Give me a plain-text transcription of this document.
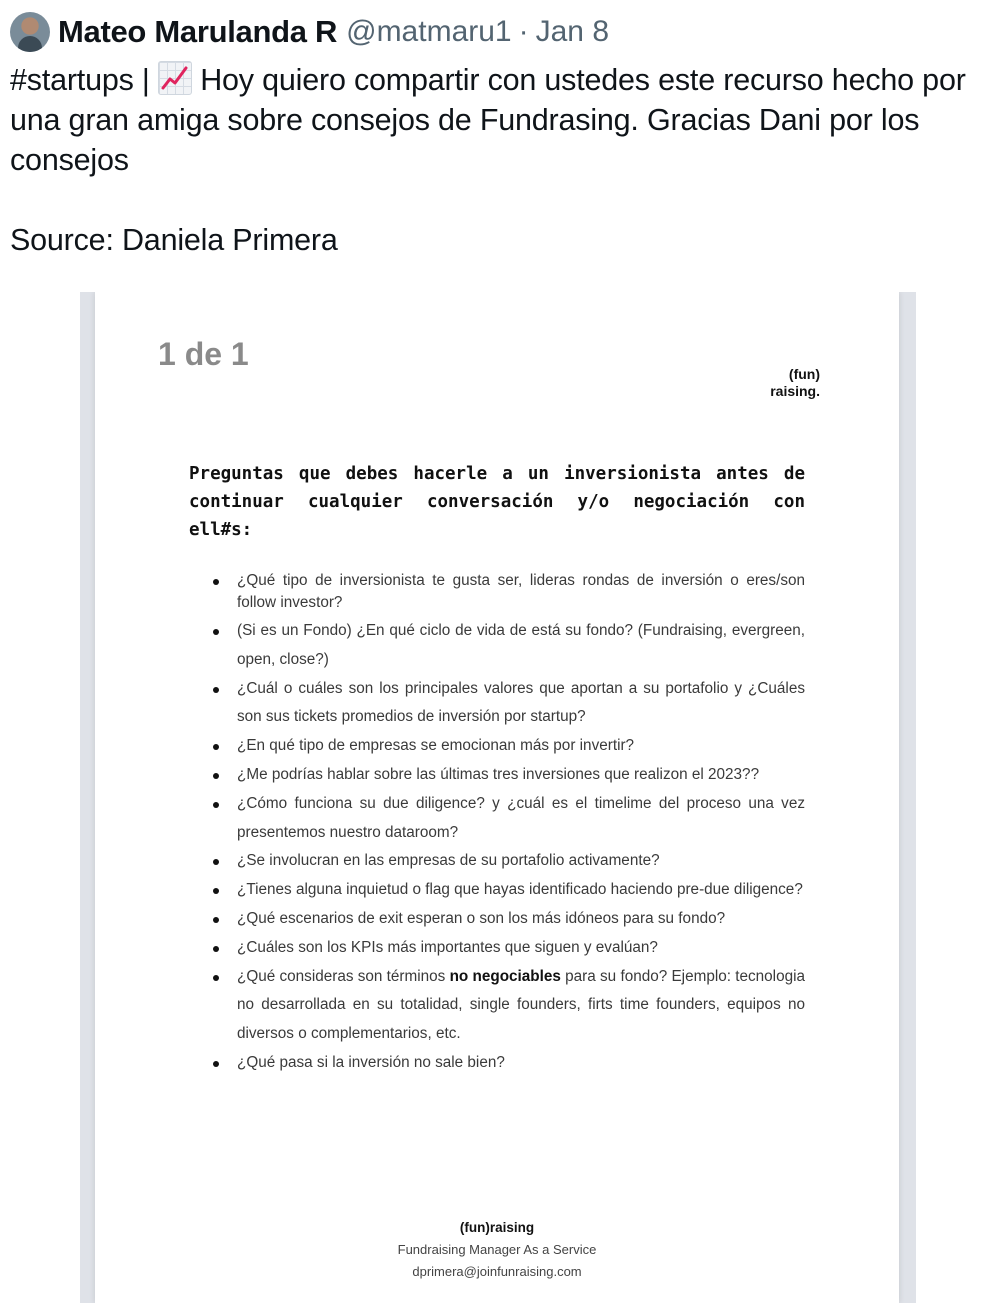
Mateo Marulanda R @matmaru1 · Jan 8

#startups |
Hoy quiero compartir con ustedes este recurso hecho por una gran amiga sobre consejos de Fundrasing. Gracias Dani por los consejos

Source: Daniela Primera

1 de 1
(fun)
raising.

Preguntas que debes hacerle a un inversionista antes de continuar cualquier conversación y/o negociación con ell#s:

¿Qué tipo de inversionista te gusta ser, lideras rondas de inversión o eres/son follow investor?
(Si es un Fondo) ¿En qué ciclo de vida de está su fondo? (Fundraising, evergreen, open, close?)
¿Cuál o cuáles son los principales valores que aportan a su portafolio y ¿Cuáles son sus tickets promedios de inversión por startup?
¿En qué tipo de empresas se emocionan más por invertir?
¿Me podrías hablar sobre las últimas tres inversiones que realizon el 2023??
¿Cómo funciona su due diligence? y ¿cuál es el timelime del proceso una vez presentemos nuestro dataroom?
¿Se involucran en las empresas de su portafolio activamente?
¿Tienes alguna inquietud o flag que hayas identificado haciendo pre-due diligence?
¿Qué escenarios de exit esperan o son los más idóneos para su fondo?
¿Cuáles son los KPIs más importantes que siguen y evalúan?
¿Qué consideras son términos no negociables para su fondo? Ejemplo: tecnologia no desarrollada en su totalidad, single founders, firts time founders, equipos no diversos o complementarios, etc.
¿Qué pasa si la inversión no sale bien?
(fun)raising
Fundraising Manager As a Service
dprimera@joinfunraising.com
